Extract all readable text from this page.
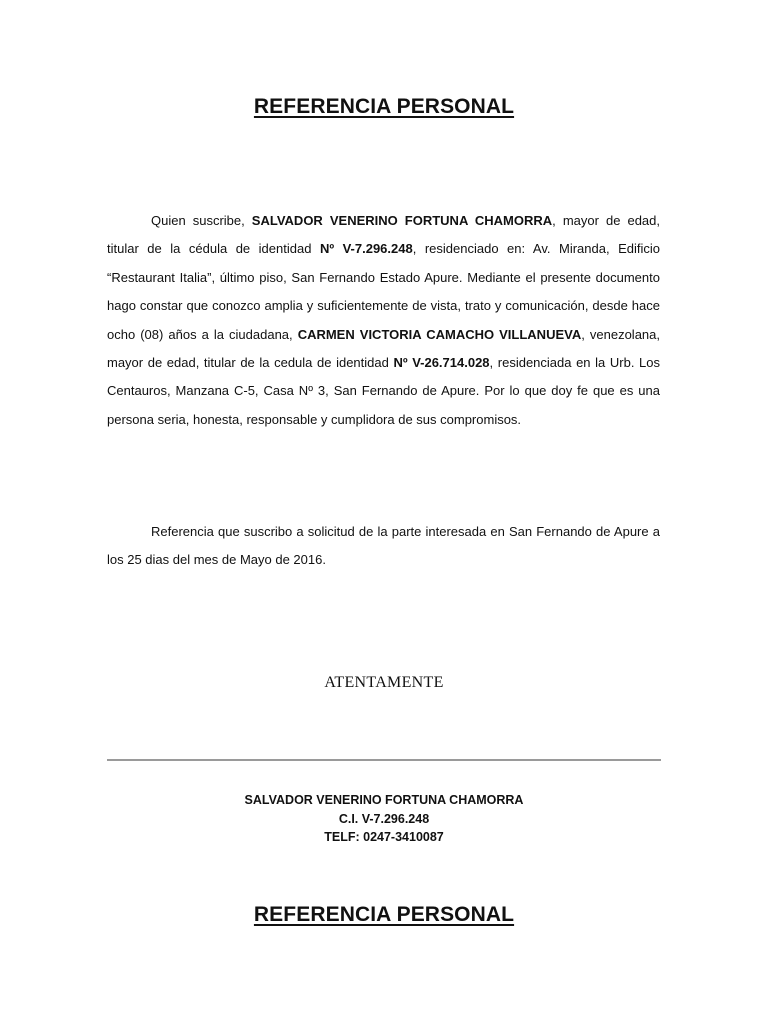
REFERENCIA PERSONAL

Quien suscribe, SALVADOR VENERINO FORTUNA CHAMORRA, mayor de edad, titular de la cédula de identidad Nº V-7.296.248, residenciado en: Av. Miranda, Edificio “Restaurant Italia”, último piso, San Fernando Estado Apure. Mediante el presente documento hago constar que conozco amplia y suficientemente de vista, trato y comunicación, desde hace ocho (08) años a la ciudadana, CARMEN VICTORIA CAMACHO VILLANUEVA, venezolana, mayor de edad, titular de la cedula de identidad Nº V-26.714.028, residenciada en la Urb. Los Centauros, Manzana C-5, Casa Nº 3, San Fernando de Apure. Por lo que doy fe que es una persona seria, honesta, responsable y cumplidora de sus compromisos.

Referencia que suscribo a solicitud de la parte interesada en San Fernando de Apure a los 25 dias del mes de Mayo de 2016.

ATENTAMENTE
SALVADOR VENERINO FORTUNA CHAMORRA
C.I. V-7.296.248
TELF: 0247-3410087
REFERENCIA PERSONAL
